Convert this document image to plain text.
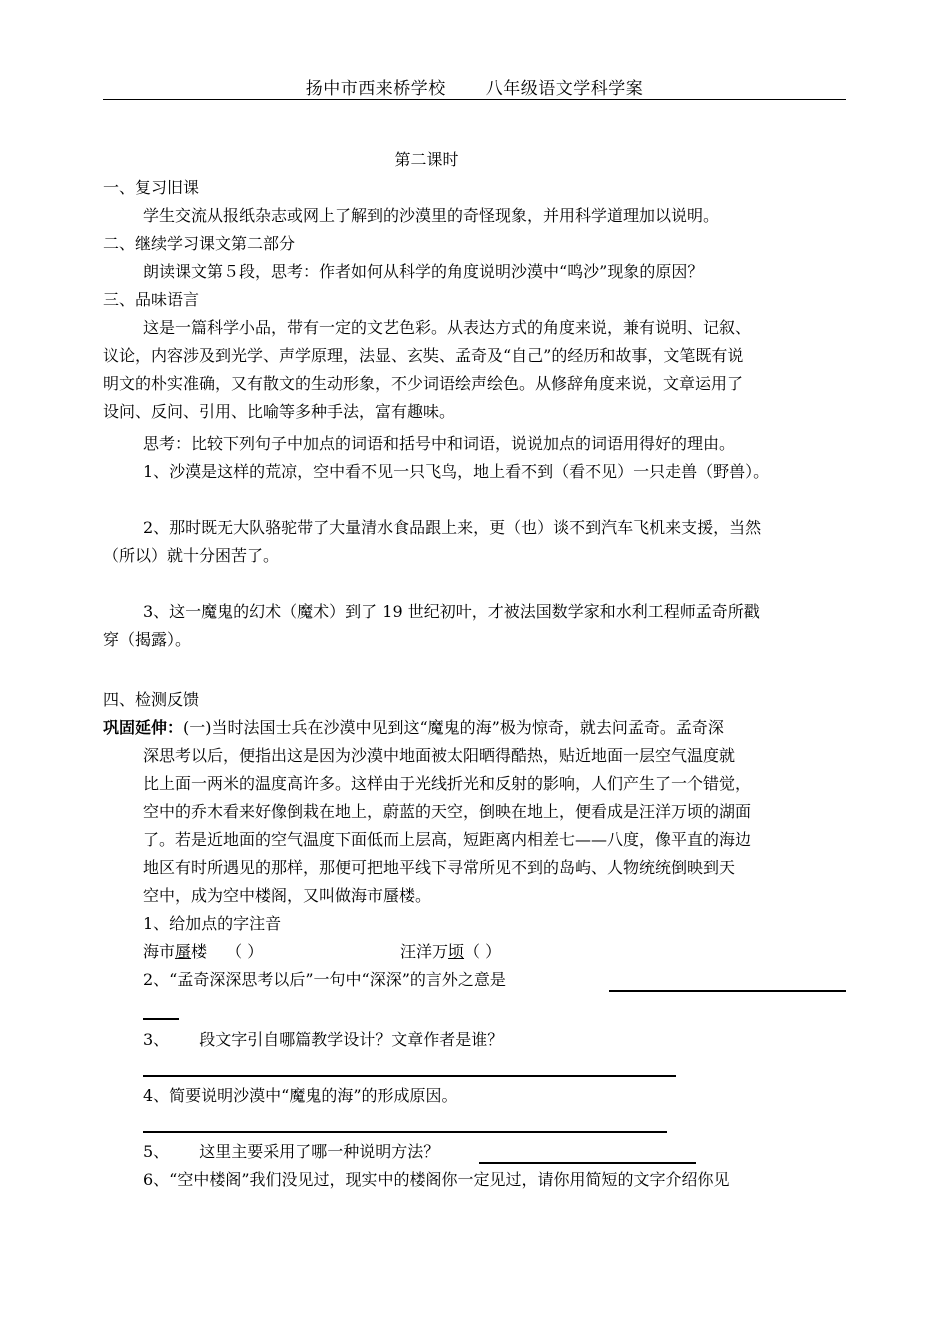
扬中市西来桥学校 八年级语文学科学案
第二课时
一、复习旧课
学生交流从报纸杂志或网上了解到的沙漠里的奇怪现象，并用科学道理加以说明。
二、继续学习课文第二部分
朗读课文第５段，思考：作者如何从科学的角度说明沙漠中“鸣沙”现象的原因？
三、品味语言
这是一篇科学小品，带有一定的文艺色彩。从表达方式的角度来说，兼有说明、记叙、
议论，内容涉及到光学、声学原理，法显、玄奘、孟奇及“自己”的经历和故事，文笔既有说
明文的朴实准确，又有散文的生动形象，不少词语绘声绘色。从修辞角度来说，文章运用了
设问、反问、引用、比喻等多种手法，富有趣味。
思考：比较下列句子中加点的词语和括号中和词语，说说加点的词语用得好的理由。
1、沙漠是这样的荒凉，空中看不见一只飞鸟，地上看不到（看不见）一只走兽（野兽）。
2、那时既无大队骆驼带了大量清水食品跟上来，更（也）谈不到汽车飞机来支援，当然
（所以）就十分困苦了。
3、这一魔鬼的幻术（魔术）到了 19 世纪初叶，才被法国数学家和水利工程师孟奇所戳
穿（揭露）。
四、检测反馈
巩固延伸：(一)当时法国士兵在沙漠中见到这“魔鬼的海”极为惊奇，就去问孟奇。孟奇深
深思考以后，便指出这是因为沙漠中地面被太阳晒得酷热，贴近地面一层空气温度就
比上面一两米的温度高许多。这样由于光线折光和反射的影响，人们产生了一个错觉，
空中的乔木看来好像倒栽在地上，蔚蓝的天空，倒映在地上，便看成是汪洋万顷的湖面
了。若是近地面的空气温度下面低而上层高，短距离内相差七——八度，像平直的海边
地区有时所遇见的那样，那便可把地平线下寻常所见不到的岛屿、人物统统倒映到天
空中，成为空中楼阁，又叫做海市蜃楼。
1、给加点的字注音
海市蜃楼 （ ）	汪洋万顷（ ）
2、“孟奇深深思考以后”一句中“深深”的言外之意是
3、 段文字引自哪篇教学设计？文章作者是谁？
4、简要说明沙漠中“魔鬼的海”的形成原因。
5、 这里主要采用了哪一种说明方法？
6、“空中楼阁”我们没见过，现实中的楼阁你一定见过，请你用简短的文字介绍你见
